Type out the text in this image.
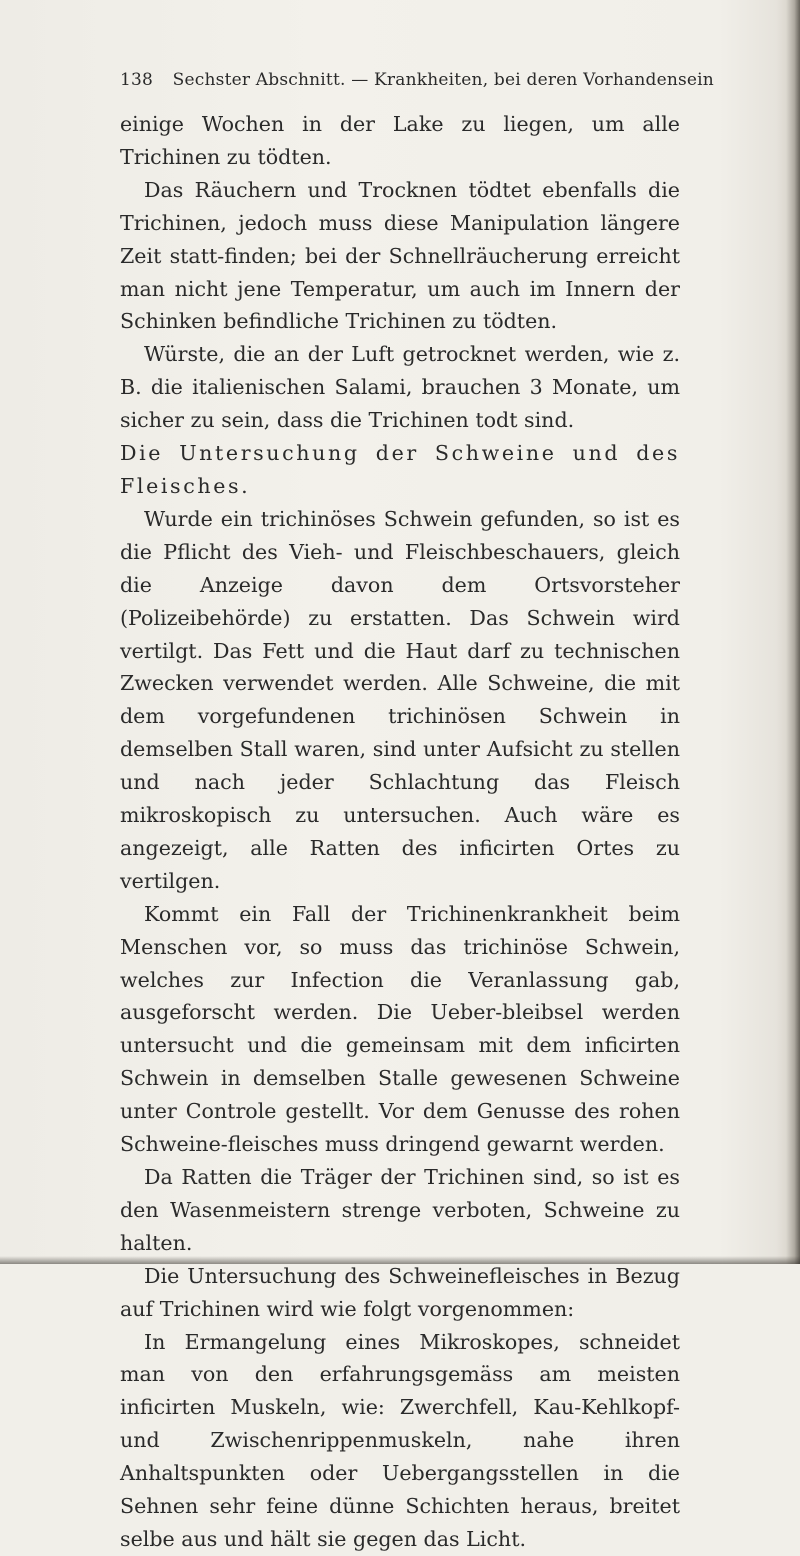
138 Sechster Abschnitt. — Krankheiten, bei deren Vorhandensein

einige Wochen in der Lake zu liegen, um alle Trichinen zu tödten.

Das Räuchern und Trocknen tödtet ebenfalls die Trichinen, jedoch muss diese Manipulation längere Zeit statt-finden; bei der Schnellräucherung erreicht man nicht jene Temperatur, um auch im Innern der Schinken befindliche Trichinen zu tödten.

Würste, die an der Luft getrocknet werden, wie z. B. die italienischen Salami, brauchen 3 Monate, um sicher zu sein, dass die Trichinen todt sind.

Die Untersuchung der Schweine und des Fleisches.

Wurde ein trichinöses Schwein gefunden, so ist es die Pflicht des Vieh- und Fleischbeschauers, gleich die Anzeige davon dem Ortsvorsteher (Polizeibehörde) zu erstatten. Das Schwein wird vertilgt. Das Fett und die Haut darf zu technischen Zwecken verwendet werden. Alle Schweine, die mit dem vorgefundenen trichinösen Schwein in demselben Stall waren, sind unter Aufsicht zu stellen und nach jeder Schlachtung das Fleisch mikroskopisch zu untersuchen. Auch wäre es angezeigt, alle Ratten des inficirten Ortes zu vertilgen.

Kommt ein Fall der Trichinenkrankheit beim Menschen vor, so muss das trichinöse Schwein, welches zur Infection die Veranlassung gab, ausgeforscht werden. Die Ueber-bleibsel werden untersucht und die gemeinsam mit dem inficirten Schwein in demselben Stalle gewesenen Schweine unter Controle gestellt. Vor dem Genusse des rohen Schweine-fleisches muss dringend gewarnt werden.

Da Ratten die Träger der Trichinen sind, so ist es den Wasenmeistern strenge verboten, Schweine zu halten.

Die Untersuchung des Schweinefleisches in Bezug auf Trichinen wird wie folgt vorgenommen:

In Ermangelung eines Mikroskopes, schneidet man von den erfahrungsgemäss am meisten inficirten Muskeln, wie: Zwerchfell, Kau-Kehlkopf- und Zwischenrippenmuskeln, nahe ihren Anhaltspunkten oder Uebergangsstellen in die Sehnen sehr feine dünne Schichten heraus, breitet selbe aus und hält sie gegen das Licht.
